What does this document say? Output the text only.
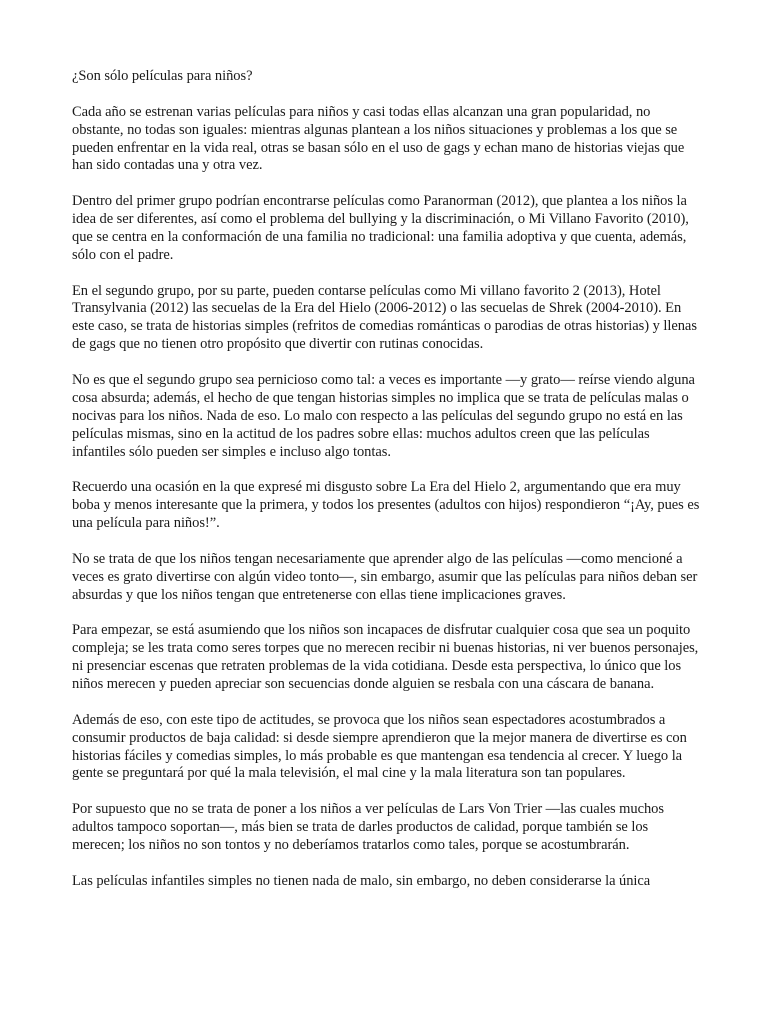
¿Son sólo películas para niños?

Cada año se estrenan varias películas para niños y casi todas ellas alcanzan una gran popularidad, no obstante, no todas son iguales: mientras algunas plantean a los niños situaciones y problemas a los que se pueden enfrentar en la vida real, otras se basan sólo en el uso de gags y echan mano de historias viejas que han sido contadas una y otra vez.

Dentro del primer grupo podrían encontrarse películas como Paranorman (2012), que plantea a los niños la idea de ser diferentes, así como el problema del bullying y la discriminación, o Mi Villano Favorito (2010), que se centra en la conformación de una familia no tradicional: una familia adoptiva y que cuenta, además, sólo con el padre.

En el segundo grupo, por su parte, pueden contarse películas como Mi villano favorito 2 (2013), Hotel Transylvania (2012) las secuelas de la Era del Hielo (2006-2012) o las secuelas de Shrek (2004-2010). En este caso, se trata de historias simples (refritos de comedias románticas o parodias de otras historias) y llenas de gags que no tienen otro propósito que divertir con rutinas conocidas.

No es que el segundo grupo sea pernicioso como tal: a veces es importante —y grato— reírse viendo alguna cosa absurda; además, el hecho de que tengan historias simples no implica que se trata de películas malas o nocivas para los niños. Nada de eso. Lo malo con respecto a las películas del segundo grupo no está en las películas mismas, sino en la actitud de los padres sobre ellas: muchos adultos creen que las películas infantiles sólo pueden ser simples e incluso algo tontas.

Recuerdo una ocasión en la que expresé mi disgusto sobre La Era del Hielo 2, argumentando que era muy boba y menos interesante que la primera, y todos los presentes (adultos con hijos) respondieron “¡Ay, pues es una película para niños!”.

No se trata de que los niños tengan necesariamente que aprender algo de las películas —como mencioné a veces es grato divertirse con algún video tonto—, sin embargo, asumir que las películas para niños deban ser absurdas y que los niños tengan que entretenerse con ellas tiene implicaciones graves.

Para empezar, se está asumiendo que los niños son incapaces de disfrutar cualquier cosa que sea un poquito compleja; se les trata como seres torpes que no merecen recibir ni buenas historias, ni ver buenos personajes, ni presenciar escenas que retraten problemas de la vida cotidiana. Desde esta perspectiva, lo único que los niños merecen y pueden apreciar son secuencias donde alguien se resbala con una cáscara de banana.

Además de eso, con este tipo de actitudes, se provoca que los niños sean espectadores acostumbrados a consumir productos de baja calidad: si desde siempre aprendieron que la mejor manera de divertirse es con historias fáciles y comedias simples, lo más probable es que mantengan esa tendencia al crecer. Y luego la gente se preguntará por qué la mala televisión, el mal cine y la mala literatura son tan populares.

Por supuesto que no se trata de poner a los niños a ver películas de Lars Von Trier —las cuales muchos adultos tampoco soportan—, más bien se trata de darles productos de calidad, porque también se los merecen; los niños no son tontos y no deberíamos tratarlos como tales, porque se acostumbrarán.

Las películas infantiles simples no tienen nada de malo, sin embargo, no deben considerarse la única
